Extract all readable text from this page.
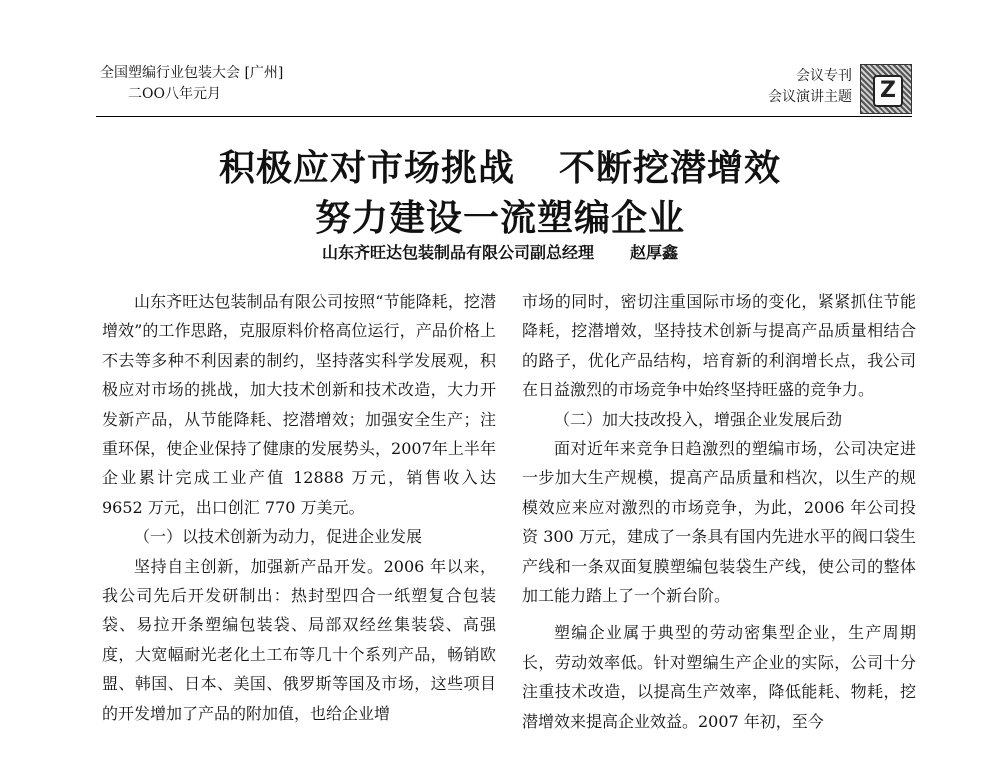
全国塑编行业包装大会 [广州]
二OO八年元月
会议专刊
会议演讲主题	Z
积极应对市场挑战 不断挖潜增效
努力建设一流塑编企业
山东齐旺达包装制品有限公司副总经理 赵厚鑫

山东齐旺达包装制品有限公司按照“节能降耗，挖潜增效”的工作思路，克服原料价格高位运行，产品价格上不去等多种不利因素的制约，坚持落实科学发展观，积极应对市场的挑战，加大技术创新和技术改造，大力开发新产品，从节能降耗、挖潜增效；加强安全生产；注重环保，使企业保持了健康的发展势头，2007年上半年企业累计完成工业产值 12888 万元，销售收入达 9652 万元，出口创汇 770 万美元。

（一）以技术创新为动力，促进企业发展

坚持自主创新，加强新产品开发。2006 年以来，我公司先后开发研制出：热封型四合一纸塑复合包装袋、易拉开条塑编包装袋、局部双经丝集装袋、高强度，大宽幅耐光老化土工布等几十个系列产品，畅销欧盟、韩国、日本、美国、俄罗斯等国及市场，这些项目的开发增加了产品的附加值，也给企业增

市场的同时，密切注重国际市场的变化，紧紧抓住节能降耗，挖潜增效，坚持技术创新与提高产品质量相结合的路子，优化产品结构，培育新的利润增长点，我公司在日益激烈的市场竞争中始终坚持旺盛的竞争力。

（二）加大技改投入，增强企业发展后劲

面对近年来竞争日趋激烈的塑编市场，公司决定进一步加大生产规模，提高产品质量和档次，以生产的规模效应来应对激烈的市场竞争，为此，2006 年公司投资 300 万元，建成了一条具有国内先进水平的阀口袋生产线和一条双面复膜塑编包装袋生产线，使公司的整体加工能力踏上了一个新台阶。

塑编企业属于典型的劳动密集型企业，生产周期长，劳动效率低。针对塑编生产企业的实际，公司十分注重技术改造，以提高生产效率，降低能耗、物耗，挖潜增效来提高企业效益。2007 年初，至今
